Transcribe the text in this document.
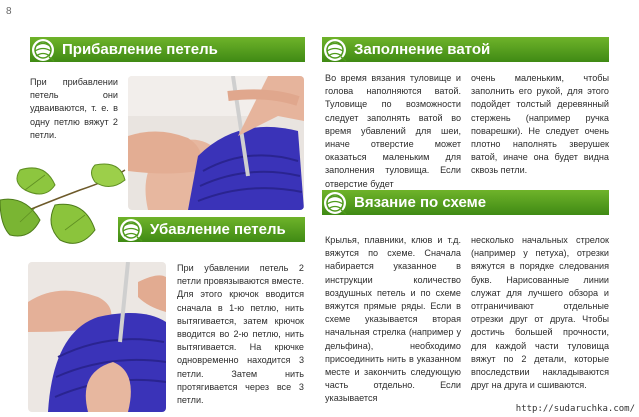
8
Прибавление петель

При прибавлении петель они удваиваются, т. е. в одну петлю вяжут 2 петли.

Убавление петель

При убавлении петель 2 петли провязываются вместе. Для этого крючок вводится сначала в 1-ю петлю, нить вытягивается, затем крючок вводится во 2-ю петлю, нить вытягивается. На крючке одновременно находится 3 петли. Затем нить протягивается через все 3 петли.

Заполнение ватой

Во время вязания туловище и голова наполняются ватой. Туловище по возможности следует заполнять ватой во время убавлений для шеи, иначе отверстие может оказаться маленьким для заполнения туловища. Если отверстие будет

очень маленьким, чтобы заполнить его рукой, для этого подойдет толстый деревянный стержень (например ручка поварешки). Не следует очень плотно наполнять зверушек ватой, иначе она будет видна сквозь петли.

Вязание по схеме

Крылья, плавники, клюв и т.д. вяжутся по схеме. Сначала набирается указанное в инструкции количество воздушных петель и по схеме вяжутся прямые ряды. Если в схеме указывается вторая начальная стрелка (например у дельфина), необходимо присоединить нить в указанном месте и закончить следующую часть отдельно. Если указывается

несколько начальных стрелок (например у петуха), отрезки вяжутся в порядке следования букв. Нарисованные линии служат для лучшего обзора и отграничивают отдельные отрезки друг от друга. Чтобы достичь большей прочности, для каждой части туловища вяжут по 2 детали, которые впоследствии накладываются друг на друга и сшиваются.

http://sudaruchka.com/
